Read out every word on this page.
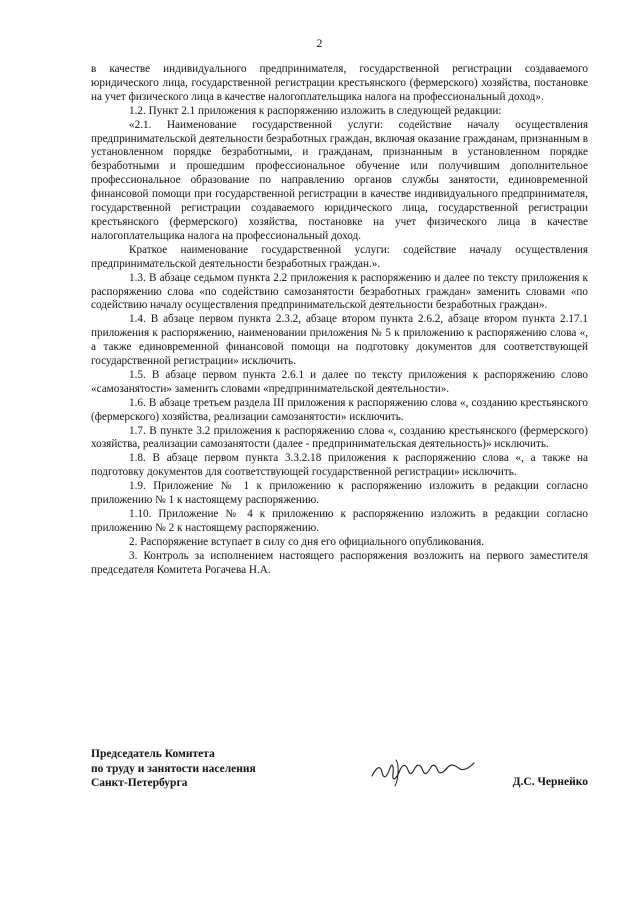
2

в качестве индивидуального предпринимателя, государственной регистрации создаваемого юридического лица, государственной регистрации крестьянского (фермерского) хозяйства, постановке на учет физического лица в качестве налогоплательщика налога на профессиональный доход».

1.2. Пункт 2.1 приложения к распоряжению изложить в следующей редакции:

«2.1. Наименование государственной услуги: содействие началу осуществления предпринимательской деятельности безработных граждан, включая оказание гражданам, признанным в установленном порядке безработными, и гражданам, признанным в установленном порядке безработными и прошедшим профессиональное обучение или получившим дополнительное профессиональное образование по направлению органов службы занятости, единовременной финансовой помощи при государственной регистрации в качестве индивидуального предпринимателя, государственной регистрации создаваемого юридического лица, государственной регистрации крестьянского (фермерского) хозяйства, постановке на учет физического лица в качестве налогоплательщика налога на профессиональный доход.

Краткое наименование государственной услуги: содействие началу осуществления предпринимательской деятельности безработных граждан.».

1.3. В абзаце седьмом пункта 2.2 приложения к распоряжению и далее по тексту приложения к распоряжению слова «по содействию самозанятости безработных граждан» заменить словами «по содействию началу осуществления предпринимательской деятельности безработных граждан».

1.4. В абзаце первом пункта 2.3.2, абзаце втором пункта 2.6.2, абзаце втором пункта 2.17.1 приложения к распоряжению, наименовании приложения № 5 к приложению к распоряжению слова «, а также единовременной финансовой помощи на подготовку документов для соответствующей государственной регистрации» исключить.

1.5. В абзаце первом пункта 2.6.1 и далее по тексту приложения к распоряжению слово «самозанятости» заменить словами «предпринимательской деятельности».

1.6. В абзаце третьем раздела III приложения к распоряжению слова «, созданию крестьянского (фермерского) хозяйства, реализации самозанятости» исключить.

1.7. В пункте 3.2 приложения к распоряжению слова «, созданию крестьянского (фермерского) хозяйства, реализации самозанятости (далее - предпринимательская деятельность)» исключить.

1.8. В абзаце первом пункта 3.3.2.18 приложения к распоряжению слова «, а также на подготовку документов для соответствующей государственной регистрации» исключить.

1.9. Приложение № 1 к приложению к распоряжению изложить в редакции согласно приложению № 1 к настоящему распоряжению.

1.10. Приложение № 4 к приложению к распоряжению изложить в редакции согласно приложению № 2 к настоящему распоряжению.

2. Распоряжение вступает в силу со дня его официального опубликования.

3. Контроль за исполнением настоящего распоряжения возложить на первого заместителя председателя Комитета Рогачева Н.А.

Председатель Комитета
по труду и занятости населения
Санкт-Петербурга	Д.С. Чернейко
